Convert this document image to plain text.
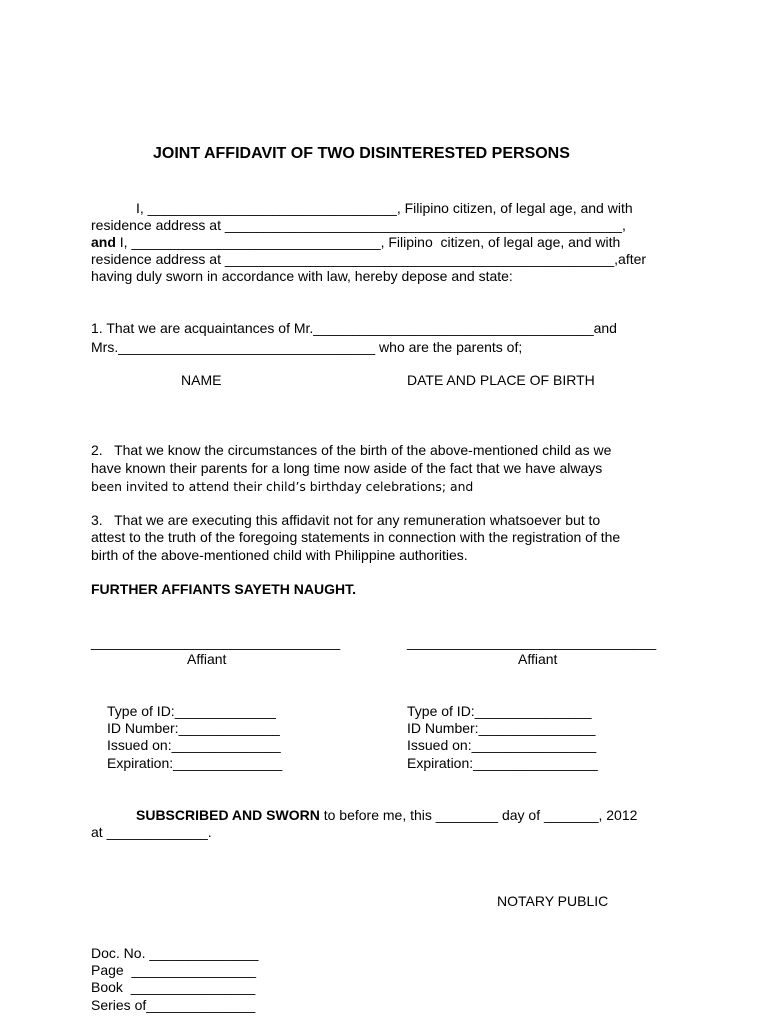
JOINT AFFIDAVIT OF TWO DISINTERESTED PERSONS
I, ________________________________, Filipino citizen, of legal age, and with
residence address at ___________________________________________________,
and I, ________________________________, Filipino  citizen, of legal age, and with
residence address at __________________________________________________,after
having duly sworn in accordance with law, hereby depose and state:
1. That we are acquaintances of Mr.____________________________________and
Mrs._________________________________ who are the parents of;
NAME	DATE AND PLACE OF BIRTH
2.   That we know the circumstances of the birth of the above-mentioned child as we
have known their parents for a long time now aside of the fact that we have always
been invited to attend their child’s birthday celebrations; and
3.   That we are executing this affidavit not for any remuneration whatsoever but to
attest to the truth of the foregoing statements in connection with the registration of the
birth of the above-mentioned child with Philippine authorities.
FURTHER AFFIANTS SAYETH NAUGHT.
________________________________	________________________________
Affiant	Affiant
Type of ID:_____________
ID Number:_____________
Issued on:______________
Expiration:______________
Type of ID:_______________
ID Number:_______________
Issued on:________________
Expiration:________________
SUBSCRIBED AND SWORN to before me, this ________ day of _______, 2012
at _____________.
NOTARY PUBLIC
Doc. No. ______________
Page  ________________
Book  ________________
Series of______________
